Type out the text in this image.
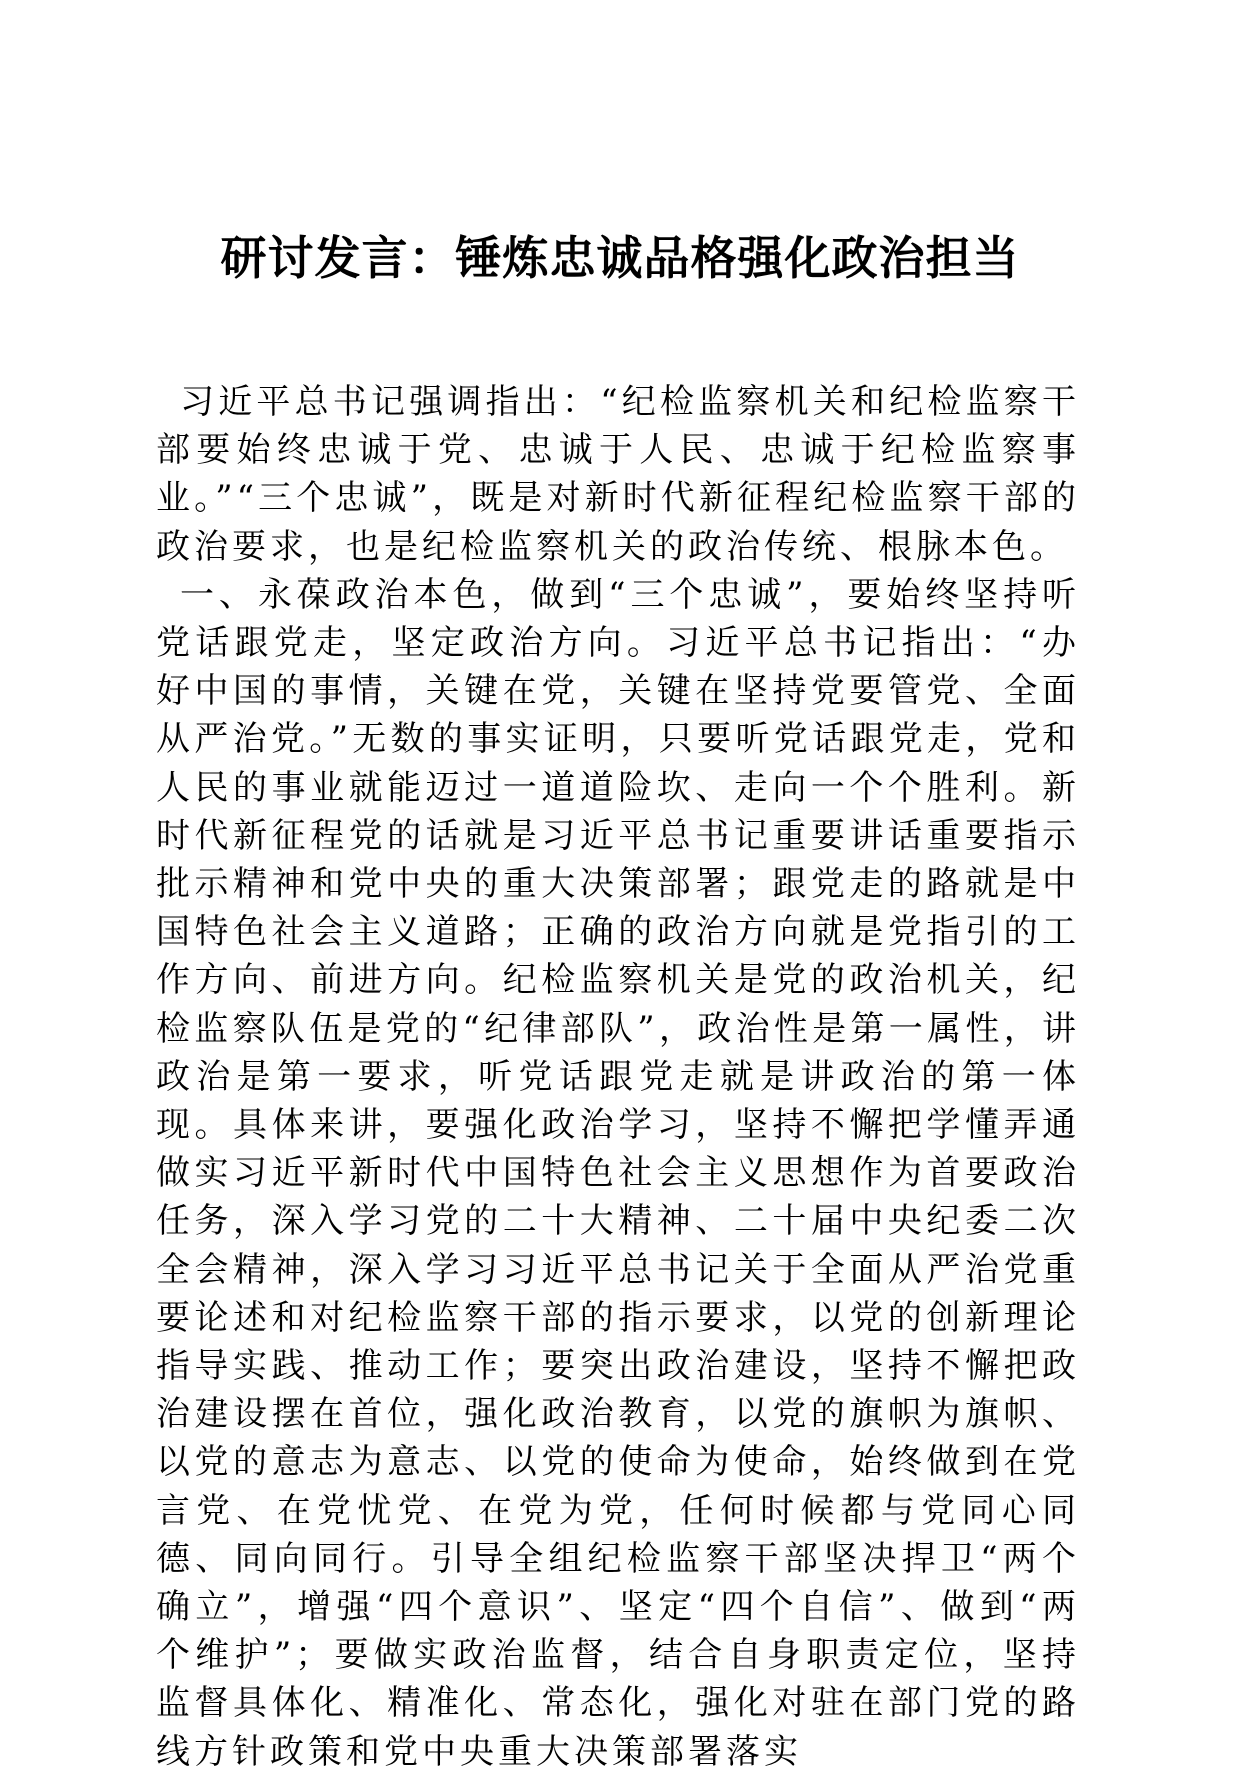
研讨发言：锤炼忠诚品格强化政治担当

习近平总书记强调指出：“纪检监察机关和纪检监察干部要始终忠诚于党、忠诚于人民、忠诚于纪检监察事业。”“三个忠诚”，既是对新时代新征程纪检监察干部的政治要求，也是纪检监察机关的政治传统、根脉本色。

一、永葆政治本色，做到“三个忠诚”，要始终坚持听党话跟党走，坚定政治方向。习近平总书记指出：“办好中国的事情，关键在党，关键在坚持党要管党、全面从严治党。”无数的事实证明，只要听党话跟党走，党和人民的事业就能迈过一道道险坎、走向一个个胜利。新时代新征程党的话就是习近平总书记重要讲话重要指示批示精神和党中央的重大决策部署；跟党走的路就是中国特色社会主义道路；正确的政治方向就是党指引的工作方向、前进方向。纪检监察机关是党的政治机关，纪检监察队伍是党的“纪律部队”，政治性是第一属性，讲政治是第一要求，听党话跟党走就是讲政治的第一体现。具体来讲，要强化政治学习，坚持不懈把学懂弄通做实习近平新时代中国特色社会主义思想作为首要政治任务，深入学习党的二十大精神、二十届中央纪委二次全会精神，深入学习习近平总书记关于全面从严治党重要论述和对纪检监察干部的指示要求，以党的创新理论指导实践、推动工作；要突出政治建设，坚持不懈把政治建设摆在首位，强化政治教育，以党的旗帜为旗帜、以党的意志为意志、以党的使命为使命，始终做到在党言党、在党忧党、在党为党，任何时候都与党同心同德、同向同行。引导全组纪检监察干部坚决捍卫“两个确立”，增强“四个意识”、坚定“四个自信”、做到“两个维护”；要做实政治监督，结合自身职责定位，坚持监督具体化、精准化、常态化，强化对驻在部门党的路线方针政策和党中央重大决策部署落实
